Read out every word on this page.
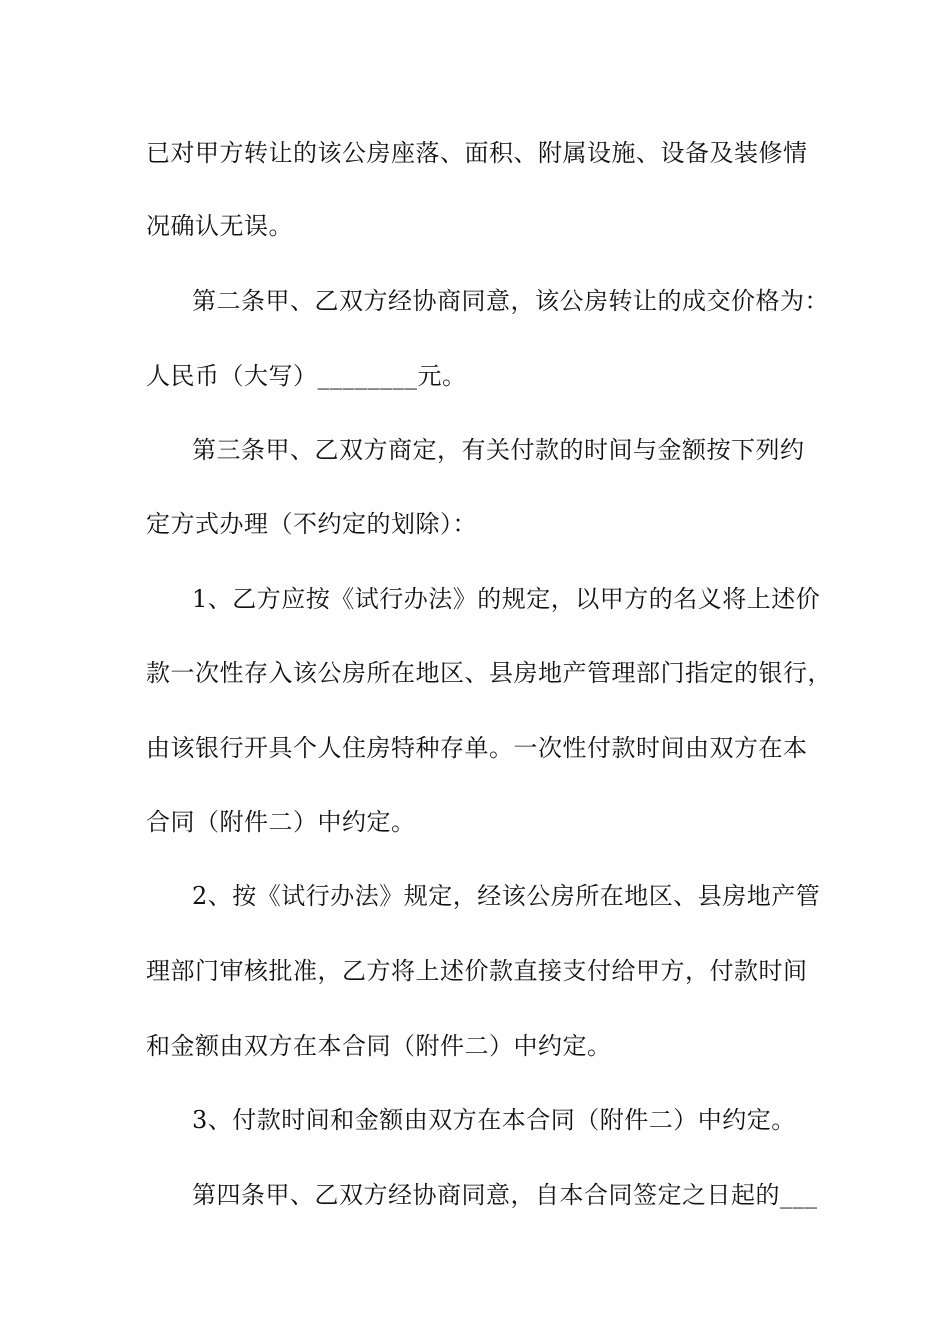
已对甲方转让的该公房座落、面积、附属设施、设备及装修情
况确认无误。
第二条甲、乙双方经协商同意，该公房转让的成交价格为：
人民币（大写）________元。
第三条甲、乙双方商定，有关付款的时间与金额按下列约
定方式办理（不约定的划除）：
1、乙方应按《试行办法》的规定，以甲方的名义将上述价
款一次性存入该公房所在地区、县房地产管理部门指定的银行，
由该银行开具个人住房特种存单。一次性付款时间由双方在本
合同（附件二）中约定。
2、按《试行办法》规定，经该公房所在地区、县房地产管
理部门审核批准，乙方将上述价款直接支付给甲方，付款时间
和金额由双方在本合同（附件二）中约定。
3、付款时间和金额由双方在本合同（附件二）中约定。
第四条甲、乙双方经协商同意，自本合同签定之日起的___
